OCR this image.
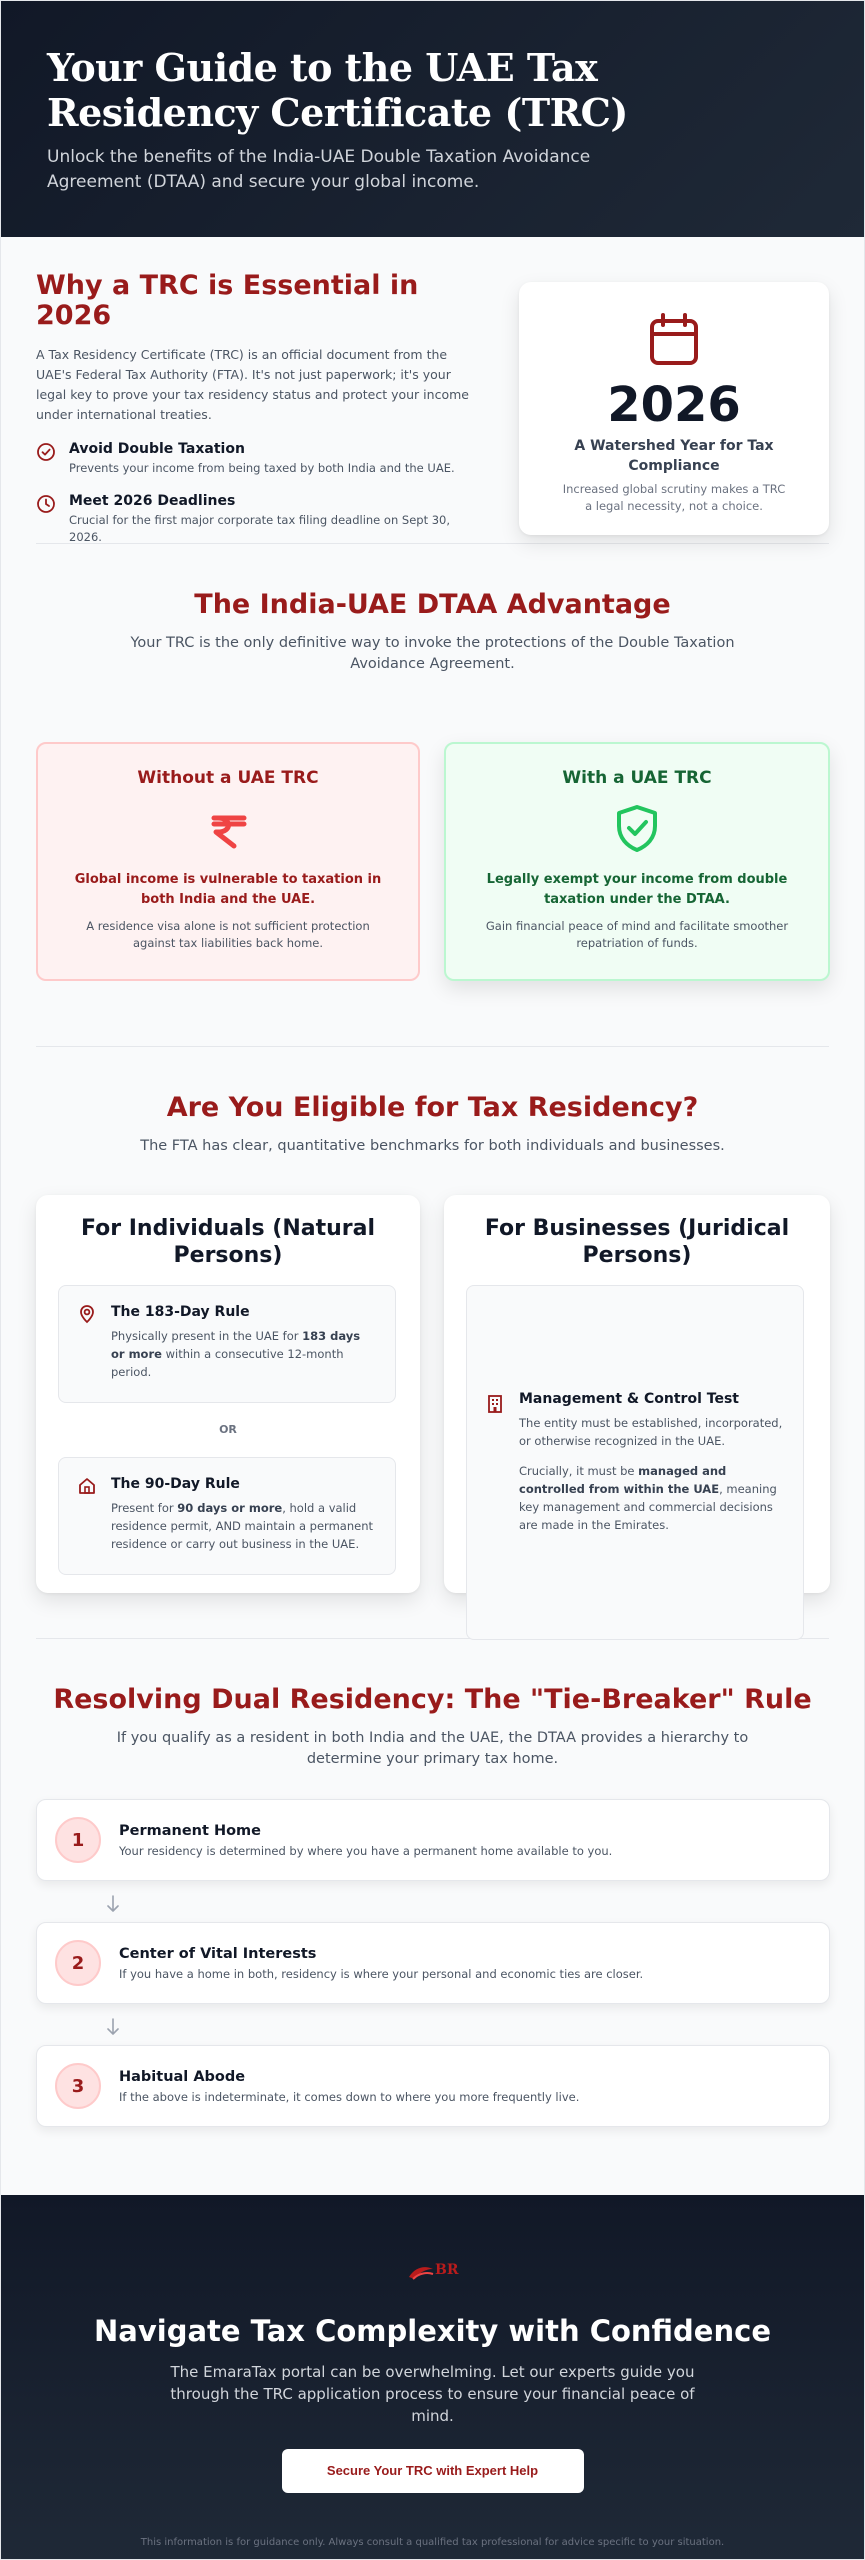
Your Guide to the UAE Tax Residency Certificate (TRC)

Unlock the benefits of the India-UAE Double Taxation Avoidance Agreement (DTAA) and secure your global income.

Why a TRC is Essential in 2026

A Tax Residency Certificate (TRC) is an official document from the UAE's Federal Tax Authority (FTA). It's not just paperwork; it's your legal key to prove your tax residency status and protect your income under international treaties.

Avoid Double Taxation
Prevents your income from being taxed by both India and the UAE.
Meet 2026 Deadlines
Crucial for the first major corporate tax filing deadline on Sept 30, 2026.
2026
A Watershed Year for Tax Compliance
Increased global scrutiny makes a TRC a legal necessity, not a choice.
The India-UAE DTAA Advantage

Your TRC is the only definitive way to invoke the protections of the Double Taxation Avoidance Agreement.

Without a UAE TRC

Global income is vulnerable to taxation in both India and the UAE.

A residence visa alone is not sufficient protection against tax liabilities back home.

With a UAE TRC

Legally exempt your income from double taxation under the DTAA.

Gain financial peace of mind and facilitate smoother repatriation of funds.

Are You Eligible for Tax Residency?

The FTA has clear, quantitative benchmarks for both individuals and businesses.

For Individuals (Natural Persons)
The 183-Day Rule
Physically present in the UAE for 183 days or more within a consecutive 12-month period.
OR
The 90-Day Rule
Present for 90 days or more, hold a valid residence permit, AND maintain a permanent residence or carry out business in the UAE.
For Businesses (Juridical Persons)
Management & Control Test
The entity must be established, incorporated, or otherwise recognized in the UAE.
Crucially, it must be managed and controlled from within the UAE, meaning key management and commercial decisions are made in the Emirates.
Resolving Dual Residency: The "Tie-Breaker" Rule

If you qualify as a resident in both India and the UAE, the DTAA provides a hierarchy to determine your primary tax home.

1	Permanent Home
Your residency is determined by where you have a permanent home available to you.
2	Center of Vital Interests
If you have a home in both, residency is where your personal and economic ties are closer.
3	Habitual Abode
If the above is indeterminate, it comes down to where you more frequently live.
BR
Navigate Tax Complexity with Confidence

The EmaraTax portal can be overwhelming. Let our experts guide you through the TRC application process to ensure your financial peace of mind.

Secure Your TRC with Expert Help

This information is for guidance only. Always consult a qualified tax professional for advice specific to your situation.
